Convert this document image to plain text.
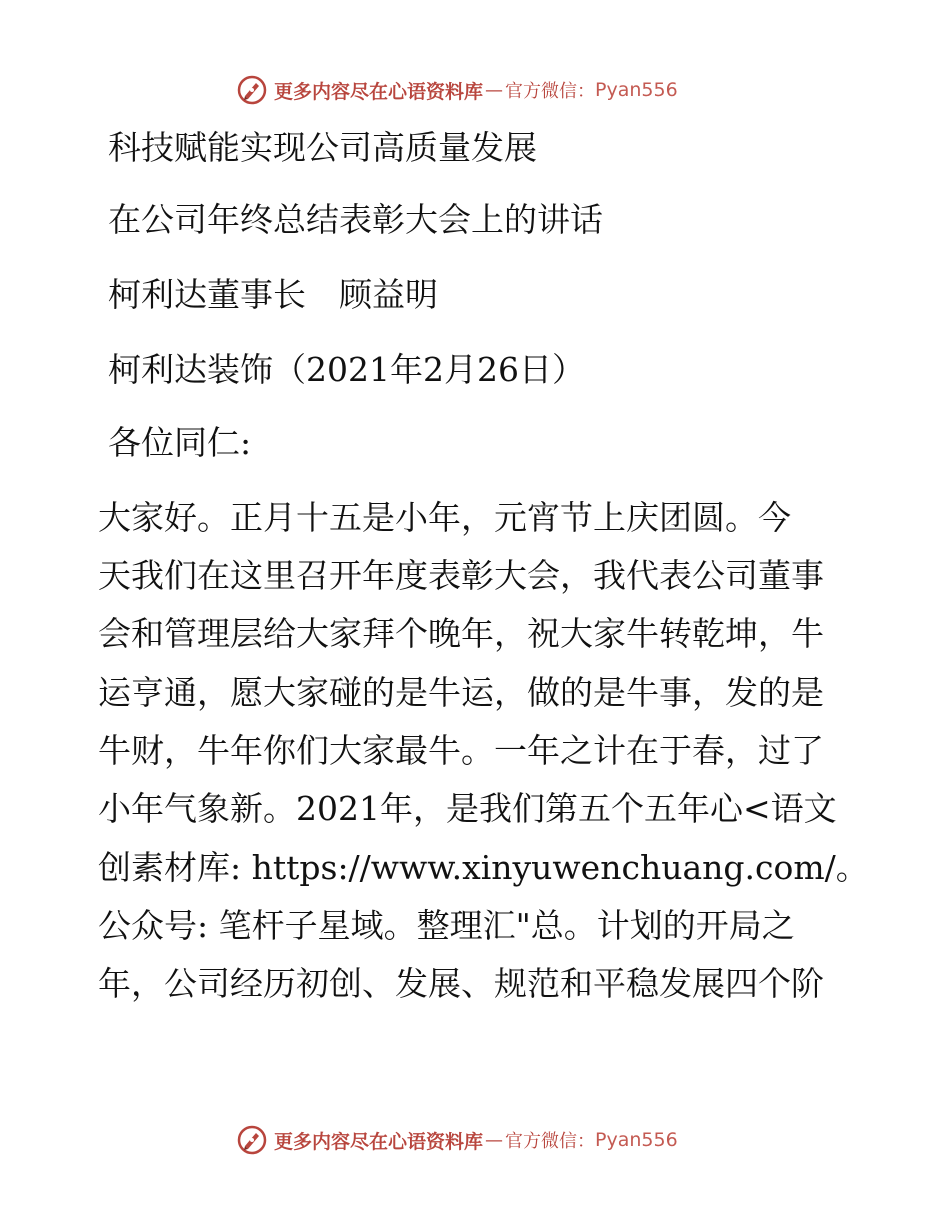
更多内容尽在心语资料库 — 官方微信： Pyan556
科技赋能实现公司高质量发展
在公司年终总结表彰大会上的讲话
柯利达董事长　顾益明
柯利达装饰（2021年2月26日）
各位同仁:
大家好。正月十五是小年，元宵节上庆团圆。今
天我们在这里召开年度表彰大会，我代表公司董事
会和管理层给大家拜个晚年，祝大家牛转乾坤，牛
运亨通，愿大家碰的是牛运，做的是牛事，发的是
牛财，牛年你们大家最牛。一年之计在于春，过了
小年气象新。2021年，是我们第五个五年心<语文
创素材库: https://www.xinyuwenchuang.com/。
公众号: 笔杆子星域。整理汇"总。计划的开局之
年，公司经历初创、发展、规范和平稳发展四个阶
更多内容尽在心语资料库 — 官方微信： Pyan556
